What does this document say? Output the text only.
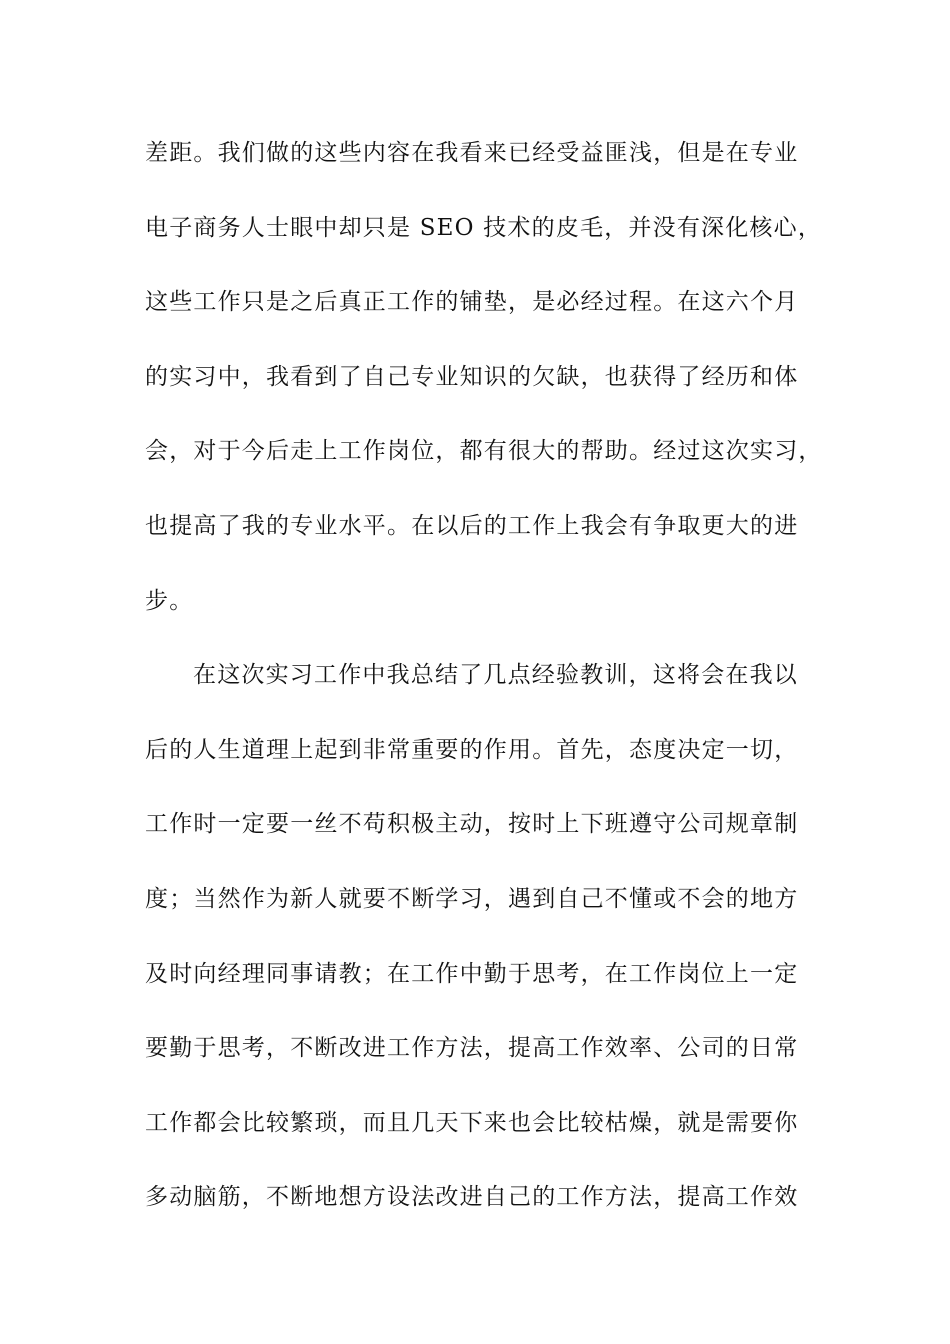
差距。我们做的这些内容在我看来已经受益匪浅，但是在专业
电子商务人士眼中却只是 SEO 技术的皮毛，并没有深化核心，
这些工作只是之后真正工作的铺垫，是必经过程。在这六个月
的实习中，我看到了自己专业知识的欠缺，也获得了经历和体
会，对于今后走上工作岗位，都有很大的帮助。经过这次实习，
也提高了我的专业水平。在以后的工作上我会有争取更大的进
步。
在这次实习工作中我总结了几点经验教训，这将会在我以
后的人生道理上起到非常重要的作用。首先，态度决定一切，
工作时一定要一丝不苟积极主动，按时上下班遵守公司规章制
度；当然作为新人就要不断学习，遇到自己不懂或不会的地方
及时向经理同事请教；在工作中勤于思考，在工作岗位上一定
要勤于思考，不断改进工作方法，提高工作效率、公司的日常
工作都会比较繁琐，而且几天下来也会比较枯燥，就是需要你
多动脑筋，不断地想方设法改进自己的工作方法，提高工作效
